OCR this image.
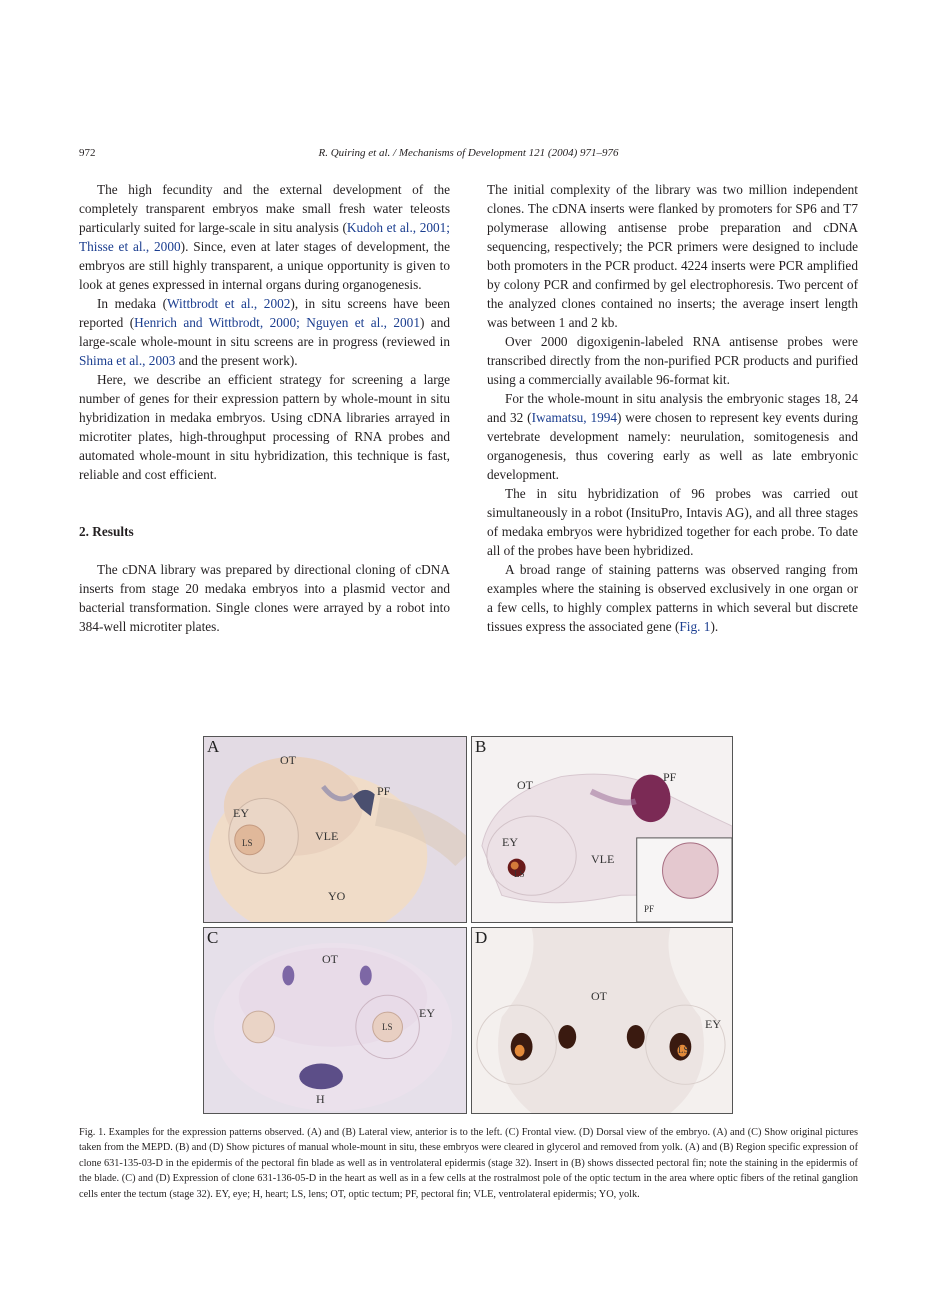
972	R. Quiring et al. / Mechanisms of Development 121 (2004) 971–976

The high fecundity and the external development of the completely transparent embryos make small fresh water teleosts particularly suited for large-scale in situ analysis (Kudoh et al., 2001; Thisse et al., 2000). Since, even at later stages of development, the embryos are still highly transparent, a unique opportunity is given to look at genes expressed in internal organs during organogenesis.

In medaka (Wittbrodt et al., 2002), in situ screens have been reported (Henrich and Wittbrodt, 2000; Nguyen et al., 2001) and large-scale whole-mount in situ screens are in progress (reviewed in Shima et al., 2003 and the present work).

Here, we describe an efficient strategy for screening a large number of genes for their expression pattern by whole-mount in situ hybridization in medaka embryos. Using cDNA libraries arrayed in microtiter plates, high-throughput processing of RNA probes and automated whole-mount in situ hybridization, this technique is fast, reliable and cost efficient.

2. Results

The cDNA library was prepared by directional cloning of cDNA inserts from stage 20 medaka embryos into a plasmid vector and bacterial transformation. Single clones were arrayed by a robot into 384-well microtiter plates.

The initial complexity of the library was two million independent clones. The cDNA inserts were flanked by promoters for SP6 and T7 polymerase allowing antisense probe preparation and cDNA sequencing, respectively; the PCR primers were designed to include both promoters in the PCR product. 4224 inserts were PCR amplified by colony PCR and confirmed by gel electrophoresis. Two percent of the analyzed clones contained no inserts; the average insert length was between 1 and 2 kb.

Over 2000 digoxigenin-labeled RNA antisense probes were transcribed directly from the non-purified PCR products and purified using a commercially available 96-format kit.

For the whole-mount in situ analysis the embryonic stages 18, 24 and 32 (Iwamatsu, 1994) were chosen to represent key events during vertebrate development namely: neurulation, somitogenesis and organogenesis, thus covering early as well as late embryonic development.

The in situ hybridization of 96 probes was carried out simultaneously in a robot (InsituPro, Intavis AG), and all three stages of medaka embryos were hybridized together for each probe. To date all of the probes have been hybridized.

A broad range of staining patterns was observed ranging from examples where the staining is observed exclusively in one organ or a few cells, to highly complex patterns in which several but discrete tissues express the associated gene (Fig. 1).

A
OT
PF
EY
LS	VLE
YO
B
OT
PF
EY
LS
VLE
PF
C
OT
EY
LS
H
D
OT
EY
LS
Fig. 1. Examples for the expression patterns observed. (A) and (B) Lateral view, anterior is to the left. (C) Frontal view. (D) Dorsal view of the embryo. (A) and (C) Show original pictures taken from the MEPD. (B) and (D) Show pictures of manual whole-mount in situ, these embryos were cleared in glycerol and removed from yolk. (A) and (B) Region specific expression of clone 631-135-03-D in the epidermis of the pectoral fin blade as well as in ventrolateral epidermis (stage 32). Insert in (B) shows dissected pectoral fin; note the staining in the epidermis of the blade. (C) and (D) Expression of clone 631-136-05-D in the heart as well as in a few cells at the rostralmost pole of the optic tectum in the area where optic fibers of the retinal ganglion cells enter the tectum (stage 32). EY, eye; H, heart; LS, lens; OT, optic tectum; PF, pectoral fin; VLE, ventrolateral epidermis; YO, yolk.
